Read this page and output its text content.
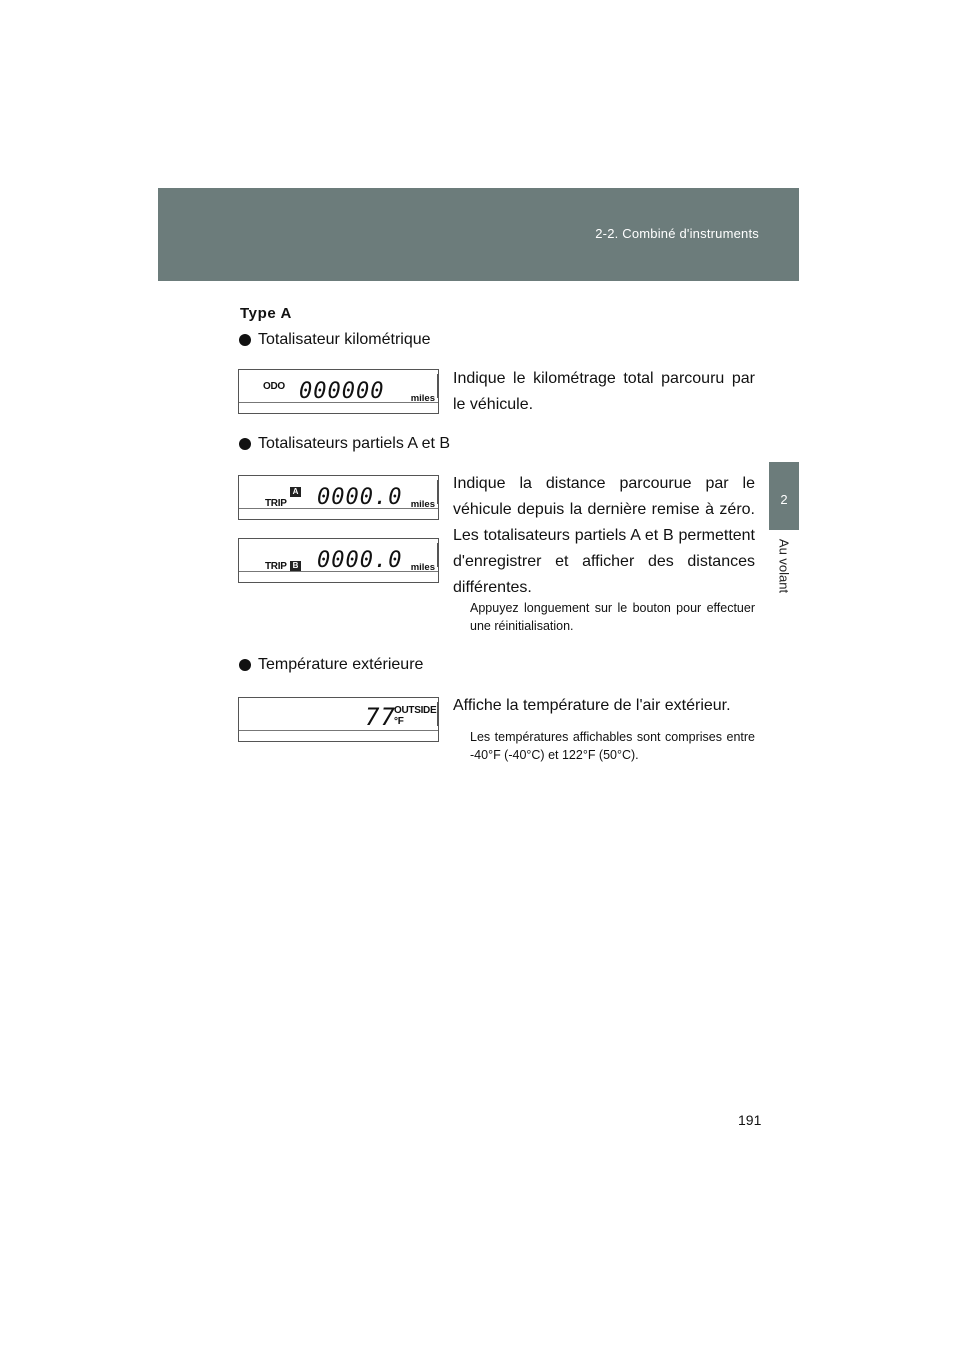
2-2. Combiné d'instruments
2
Au volant
Type A
Totalisateur kilométrique
ODO 000000	miles
Indique le kilométrage total parcouru par le véhicule.
Totalisateurs partiels A et B
A
TRIP 0000.0 miles
TRIP B 0000.0 miles
Indique la distance parcourue par le véhicule depuis la dernière remise à zéro. Les totalisateurs partiels A et B permettent d'enregistrer et afficher des distances différentes.
Appuyez longuement sur le bouton pour effectuer une réinitialisation.
Température extérieure
77
OUTSIDE
°F
Affiche la température de l'air extérieur.
Les températures affichables sont comprises entre -40°F (-40°C) et 122°F (50°C).
191
